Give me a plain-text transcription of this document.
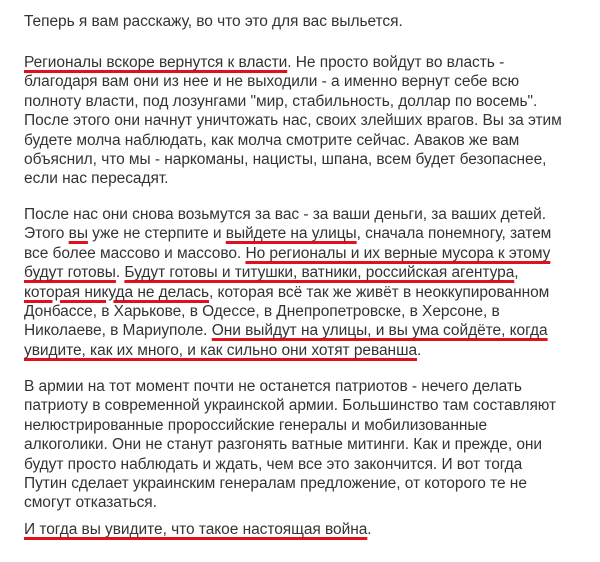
Теперь я вам расскажу, во что это для вас выльется.

Регионалы вскоре вернутся к власти. Не просто войдут во власть -
благодаря вам они из нее и не выходили - а именно вернут себе всю
полноту власти, под лозунгами "мир, стабильность, доллар по восемь".
После этого они начнут уничтожать нас, своих злейших врагов. Вы за этим
будете молча наблюдать, как молча смотрите сейчас. Аваков же вам
объяснил, что мы - наркоманы, нацисты, шпана, всем будет безопаснее,
если нас пересадят.

После нас они снова возьмутся за вас - за ваши деньги, за ваших детей.
Этого вы уже не стерпите и выйдете на улицы, сначала понемногу, затем
все более массово и массово. Но регионалы и их верные мусора к этому
будут готовы. Будут готовы и титушки, ватники, российская агентура,
которая никуда не делась, которая всё так же живёт в неоккупированном
Донбассе, в Харькове, в Одессе, в Днепропетровске, в Херсоне, в
Николаеве, в Мариуполе. Они выйдут на улицы, и вы ума сойдёте, когда
увидите, как их много, и как сильно они хотят реванша.

В армии на тот момент почти не останется патриотов - нечего делать
патриоту в современной украинской армии. Большинство там составляют
нелюстрированные пророссийские генералы и мобилизованные
алкоголики. Они не станут разгонять ватные митинги. Как и прежде, они
будут просто наблюдать и ждать, чем все это закончится. И вот тогда
Путин сделает украинским генералам предложение, от которого те не
смогут отказаться.

И тогда вы увидите, что такое настоящая война.
